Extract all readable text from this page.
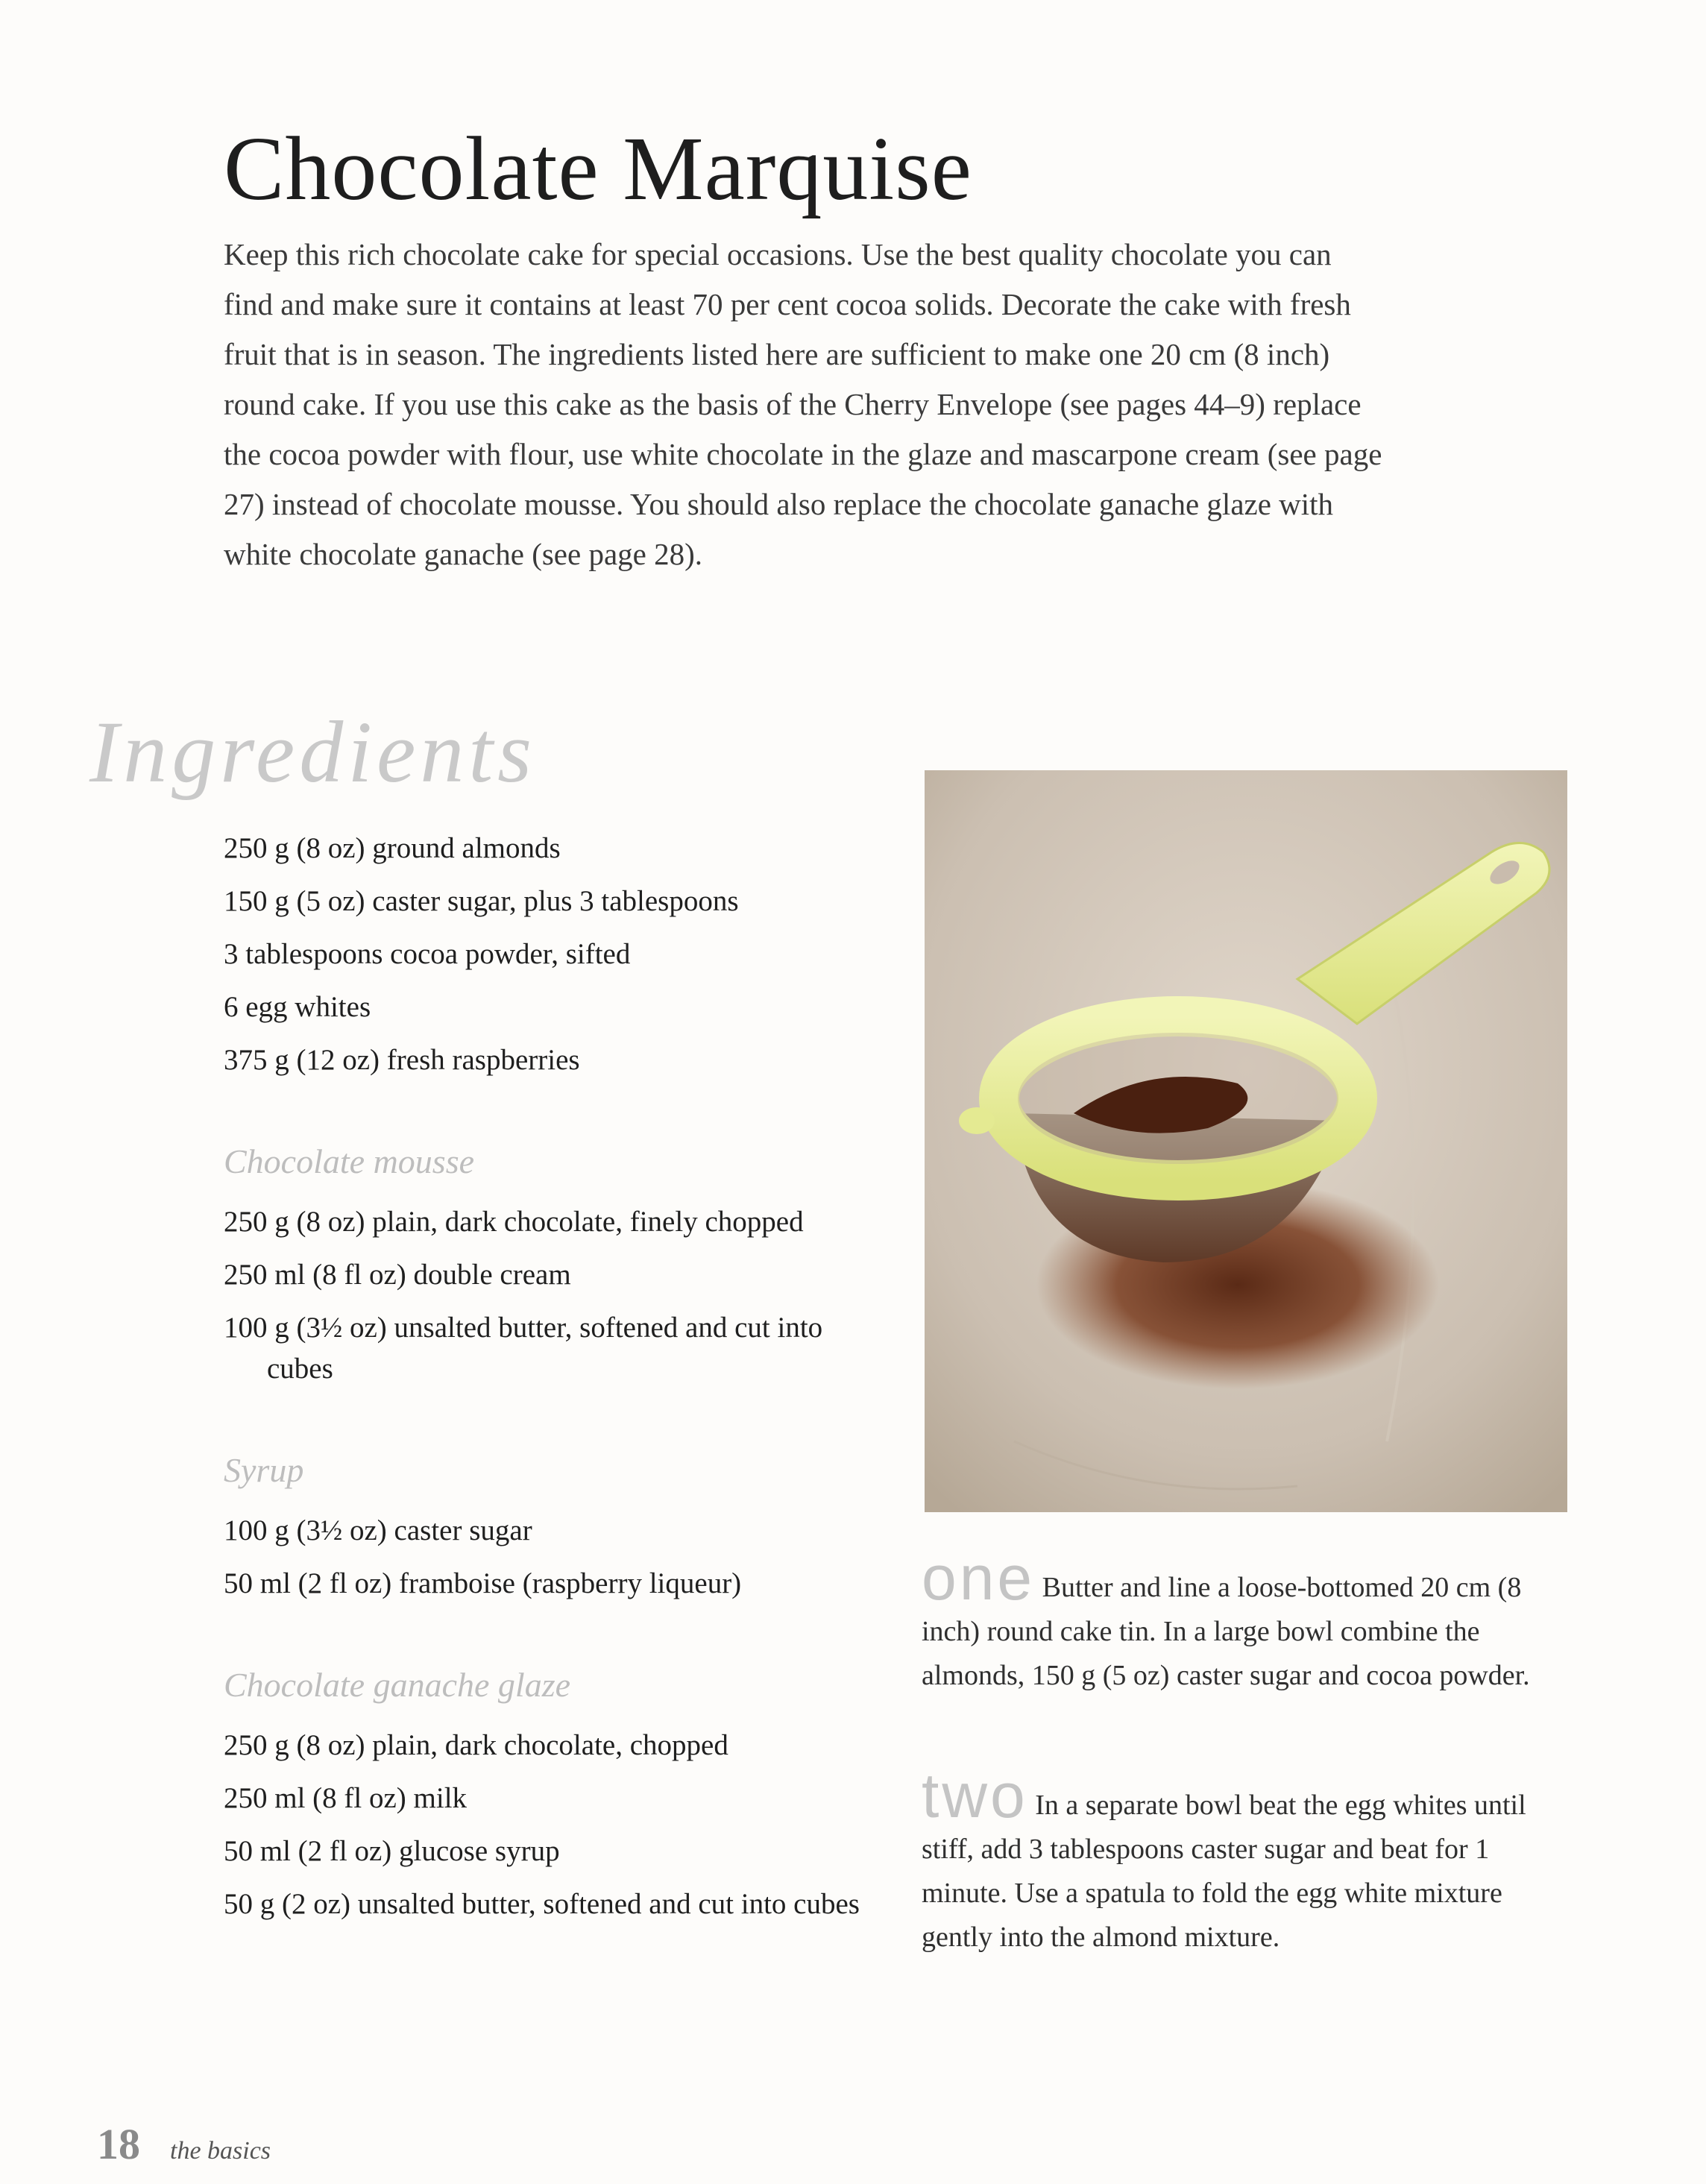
Chocolate Marquise

Keep this rich chocolate cake for special occasions. Use the best quality chocolate you can find and make sure it contains at least 70 per cent cocoa solids. Decorate the cake with fresh fruit that is in season. The ingredients listed here are sufficient to make one 20 cm (8 inch) round cake. If you use this cake as the basis of the Cherry Envelope (see pages 44–9) replace the cocoa powder with flour, use white chocolate in the glaze and mascarpone cream (see page 27) instead of chocolate mousse. You should also replace the chocolate ganache glaze with white chocolate ganache (see page 28).

Ingredients
250 g (8 oz) ground almonds
150 g (5 oz) caster sugar, plus 3 tablespoons
3 tablespoons cocoa powder, sifted
6 egg whites
375 g (12 oz) fresh raspberries
Chocolate mousse
250 g (8 oz) plain, dark chocolate, finely chopped
250 ml (8 fl oz) double cream
100 g (3½ oz) unsalted butter, softened and cut into cubes
Syrup
100 g (3½ oz) caster sugar
50 ml (2 fl oz) framboise (raspberry liqueur)
Chocolate ganache glaze
250 g (8 oz) plain, dark chocolate, chopped
250 ml (8 fl oz) milk
50 ml (2 fl oz) glucose syrup
50 g (2 oz) unsalted butter, softened and cut into cubes
one Butter and line a loose-bottomed 20 cm (8 inch) round cake tin. In a large bowl combine the almonds, 150 g (5 oz) caster sugar and cocoa powder.
two In a separate bowl beat the egg whites until stiff, add 3 tablespoons caster sugar and beat for 1 minute. Use a spatula to fold the egg white mixture gently into the almond mixture.
18 the basics
